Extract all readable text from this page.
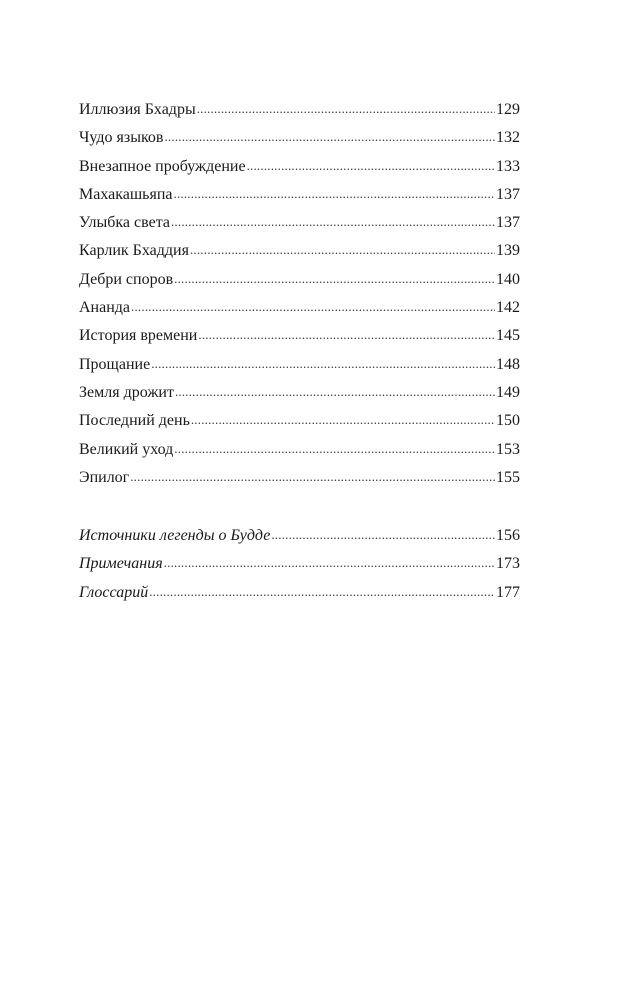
Иллюзия Бхадры .....	129
Чудо языков .....	132
Внезапное пробуждение .....	133
Махакашьяпа .....	137
Улыбка света .....	137
Карлик Бхаддия .....	139
Дебри споров .....	140
Ананда .....	142
История времени .....	145
Прощание .....	148
Земля дрожит .....	149
Последний день .....	150
Великий уход .....	153
Эпилог .....	155
Источники легенды о Будде .....	156
Примечания .....	173
Глоссарий .....	177
